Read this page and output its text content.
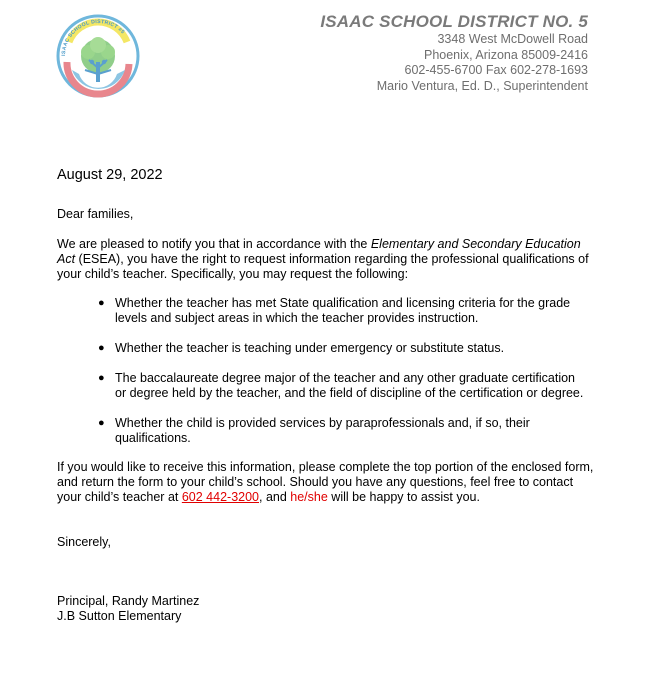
ISAAC SCHOOL DISTRICT #5
ISAAC SCHOOL DISTRICT NO. 5
3348 West McDowell Road
Phoenix, Arizona 85009-2416
602-455-6700 Fax 602-278-1693
Mario Ventura, Ed. D., Superintendent

August 29, 2022

Dear families,

We are pleased to notify you that in accordance with the Elementary and Secondary Education Act (ESEA), you have the right to request information regarding the professional qualifications of your child’s teacher. Specifically, you may request the following:

● Whether the teacher has met State qualification and licensing criteria for the grade levels and subject areas in which the teacher provides instruction.
● Whether the teacher is teaching under emergency or substitute status.
● The baccalaureate degree major of the teacher and any other graduate certification or degree held by the teacher, and the field of discipline of the certification or degree.
● Whether the child is provided services by paraprofessionals and, if so, their qualifications.

If you would like to receive this information, please complete the top portion of the enclosed form, and return the form to your child’s school. Should you have any questions, feel free to contact your child’s teacher at 602 442-3200, and he/she will be happy to assist you.

Sincerely,

Principal, Randy Martinez
J.B Sutton Elementary
